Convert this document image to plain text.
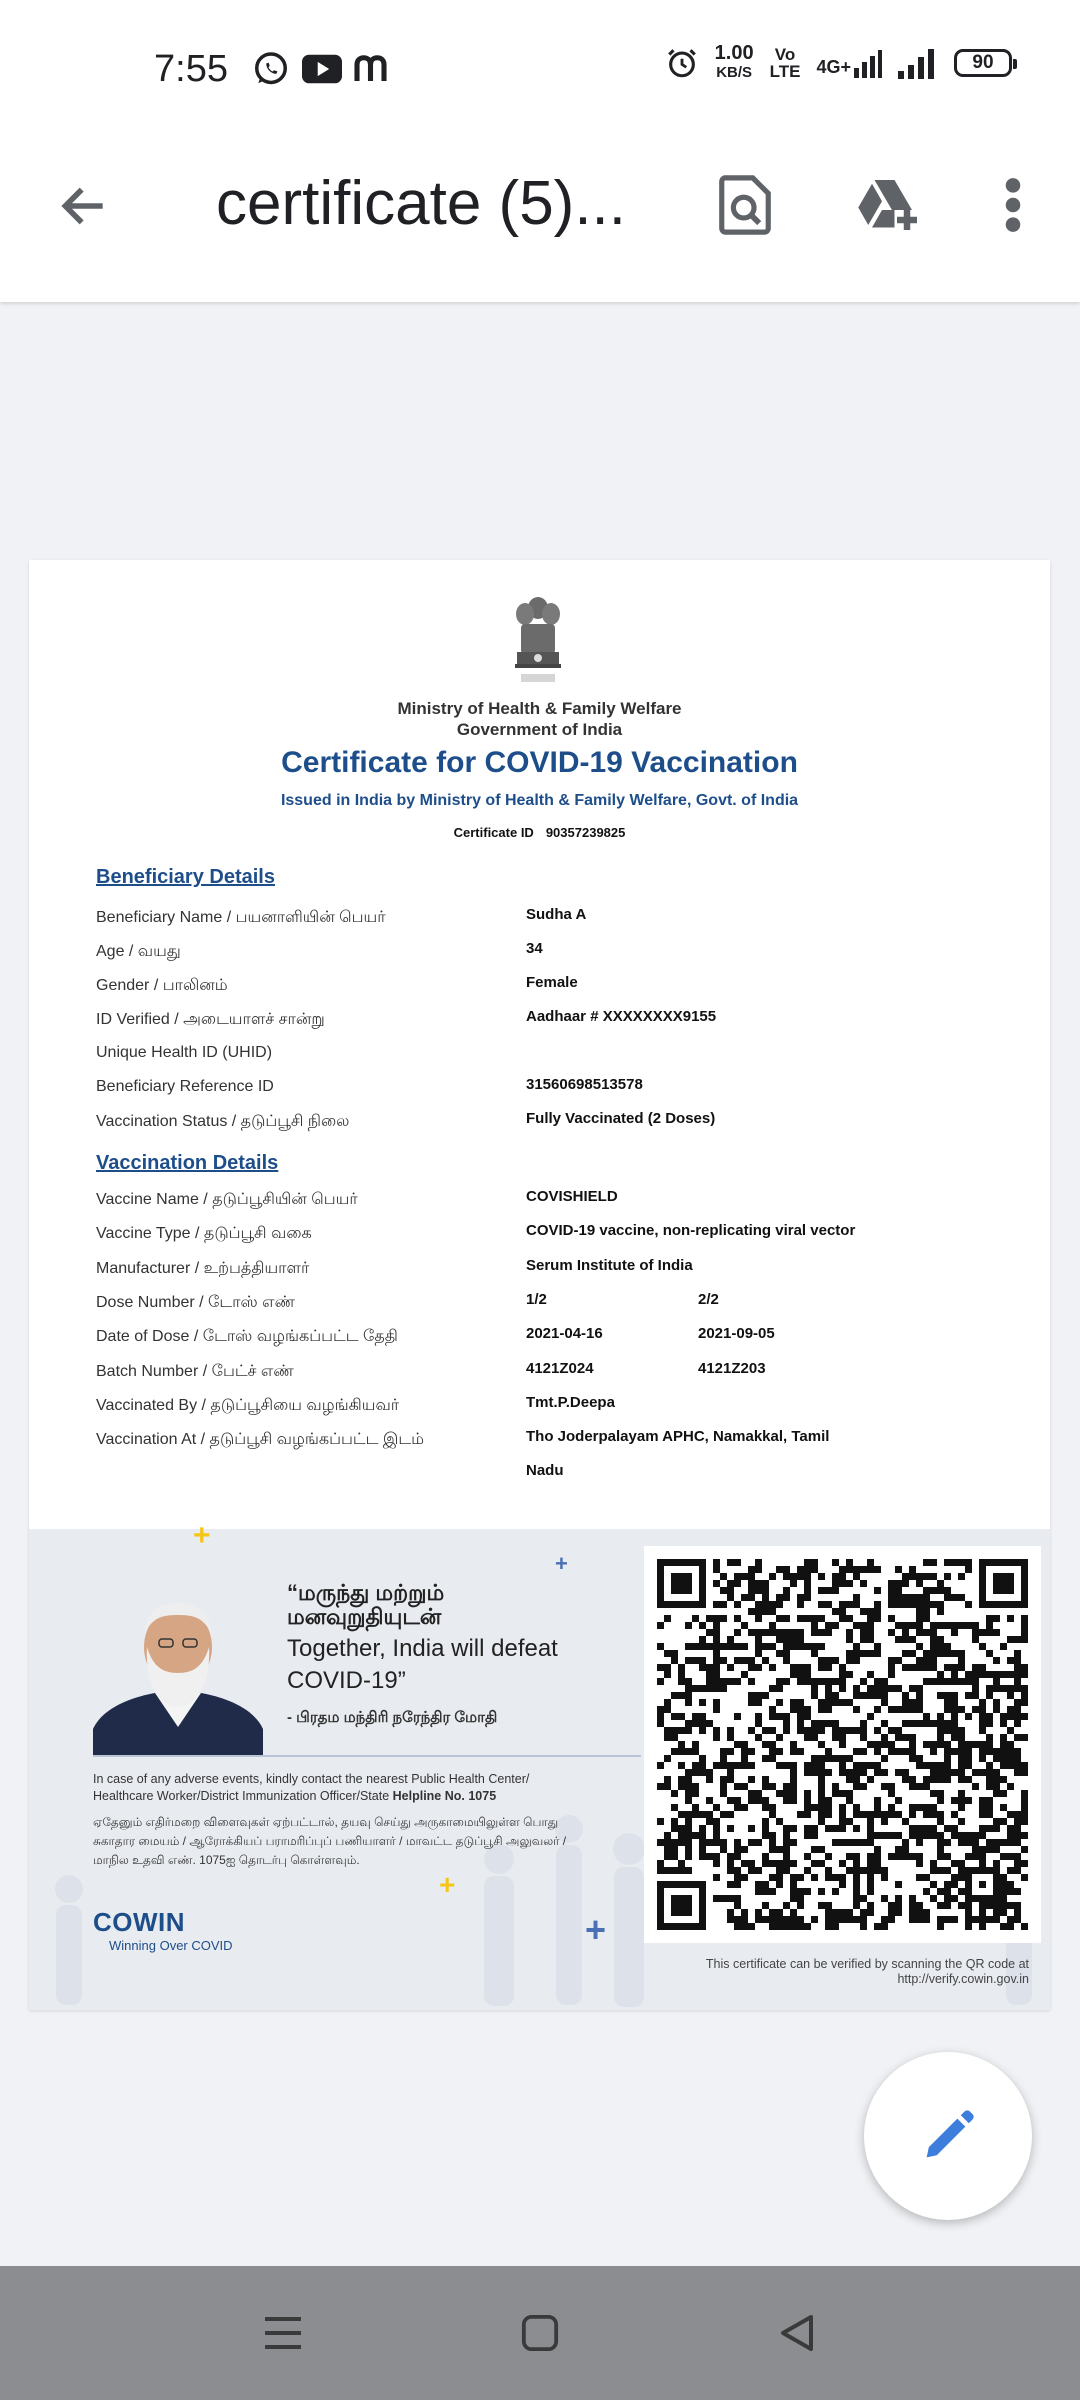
7:55	1.00
KB/S
Vo
LTE 4G+	90
certificate (5)...
Ministry of Health & Family Welfare
Government of India
Certificate for COVID-19 Vaccination
Issued in India by Ministry of Health & Family Welfare, Govt. of India
Certificate ID 90357239825
Beneficiary Details
Beneficiary Name / பயனாளியின் பெயர்	Sudha A
Age / வயது	34
Gender / பாலினம்	Female
ID Verified / அடையாளச் சான்று	Aadhaar # XXXXXXXX9155
Unique Health ID (UHID)
Beneficiary Reference ID	31560698513578
Vaccination Status / தடுப்பூசி நிலை	Fully Vaccinated (2 Doses)
Vaccination Details
Vaccine Name / தடுப்பூசியின் பெயர்	COVISHIELD
Vaccine Type / தடுப்பூசி வகை	COVID-19 vaccine, non-replicating viral vector
Manufacturer / உற்பத்தியாளர்	Serum Institute of India
Dose Number / டோஸ் எண்	1/2	2/2
Date of Dose / டோஸ் வழங்கப்பட்ட தேதி	2021-04-16	2021-09-05
Batch Number / பேட்ச் எண்	4121Z024	4121Z203
Vaccinated By / தடுப்பூசியை வழங்கியவர்	Tmt.P.Deepa
Vaccination At / தடுப்பூசி வழங்கப்பட்ட இடம்	Tho Joderpalayam APHC, Namakkal, Tamil
Nadu
+
+
+
+
“மருந்து மற்றும்
மனவுறுதியுடன்
Together, India will defeat
COVID-19”
- பிரதம மந்திரி நரேந்திர மோதி
In case of any adverse events, kindly contact the nearest Public Health Center/
Healthcare Worker/District Immunization Officer/State Helpline No. 1075
ஏதேனும் எதிர்மறை விளைவுகள் ஏற்பட்டால், தயவு செய்து அருகாமையிலுள்ள பொது
சுகாதார மையம் / ஆரோக்கியப் பராமரிப்புப் பணியாளர் / மாவட்ட தடுப்பூசி அலுவலர் /
மாநில உதவி எண். 1075ஐ தொடர்பு கொள்ளவும்.
COWIN
Winning Over COVID
This certificate can be verified by scanning the QR code at
http://verify.cowin.gov.in
